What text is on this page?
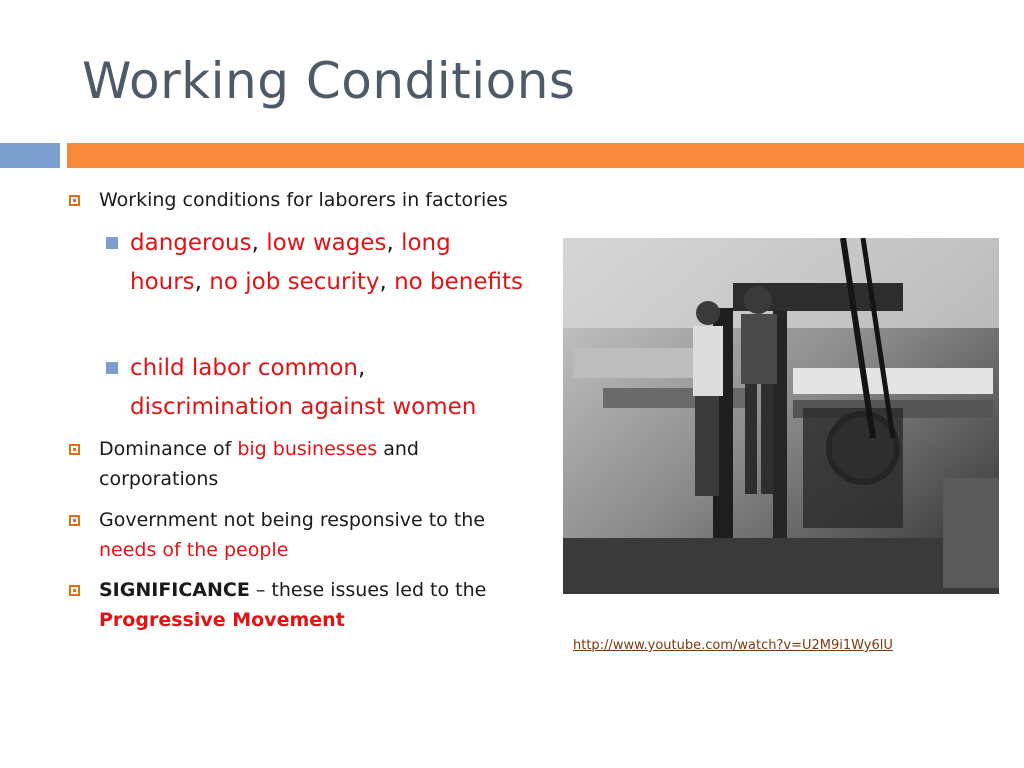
Working Conditions
Working conditions for laborers in factories
dangerous, low wages, long hours, no job security, no benefits
child labor common, discrimination against women
Dominance of big businesses and corporations
Government not being responsive to the needs of the people
SIGNIFICANCE – these issues led to the Progressive Movement
http://www.youtube.com/watch?v=U2M9i1Wy6lU
